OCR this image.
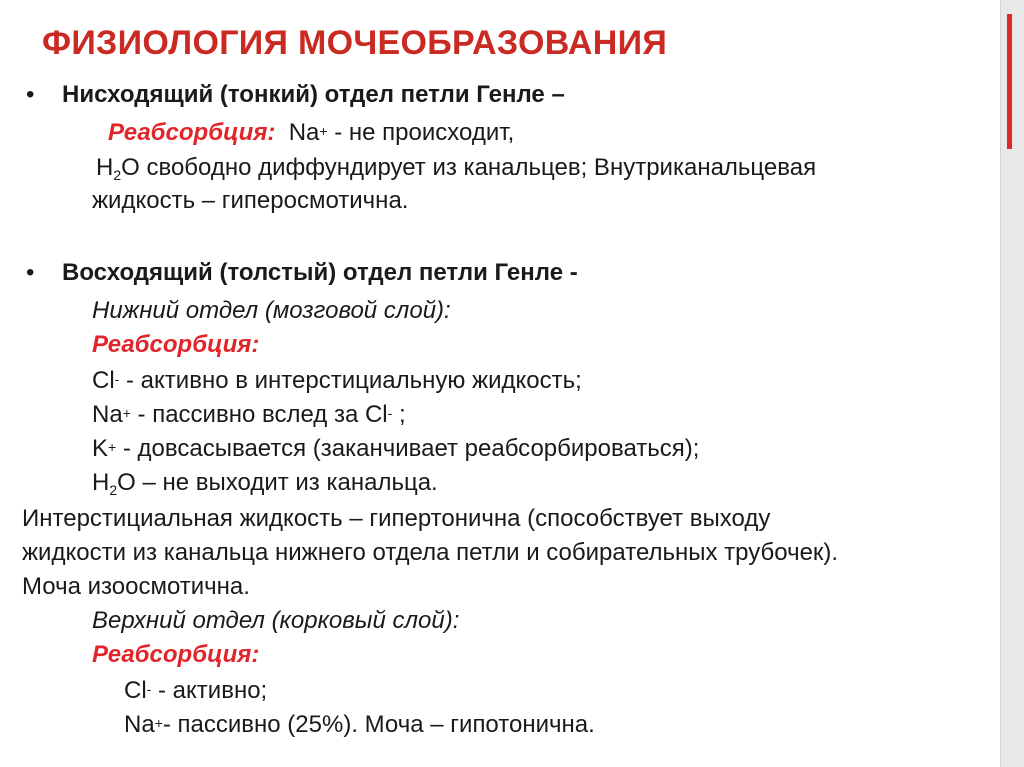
ФИЗИОЛОГИЯ МОЧЕОБРАЗОВАНИЯ
• Нисходящий (тонкий) отдел петли Генле –
Реабсорбция: Na+ - не происходит,
$H_2O$ свободно диффундирует из канальцев; Внутриканальцевая
жидкость – гиперосмотична.
• Восходящий (толстый) отдел петли Генле -
Нижний отдел (мозговой слой):
Реабсорбция:
Cl- - активно в интерстициальную жидкость;
Na+ - пассивно вслед за Cl- ;
K+ - довсасывается (заканчивает реабсорбироваться);
$H_2O$ – не выходит из канальца.
Интерстициальная жидкость – гипертонична (способствует выходу
жидкости из канальца нижнего отдела петли и собирательных трубочек).
Моча изоосмотична.
Верхний отдел (корковый слой):
Реабсорбция:
Cl- - активно;
Na+- пассивно (25%). Моча – гипотонична.
